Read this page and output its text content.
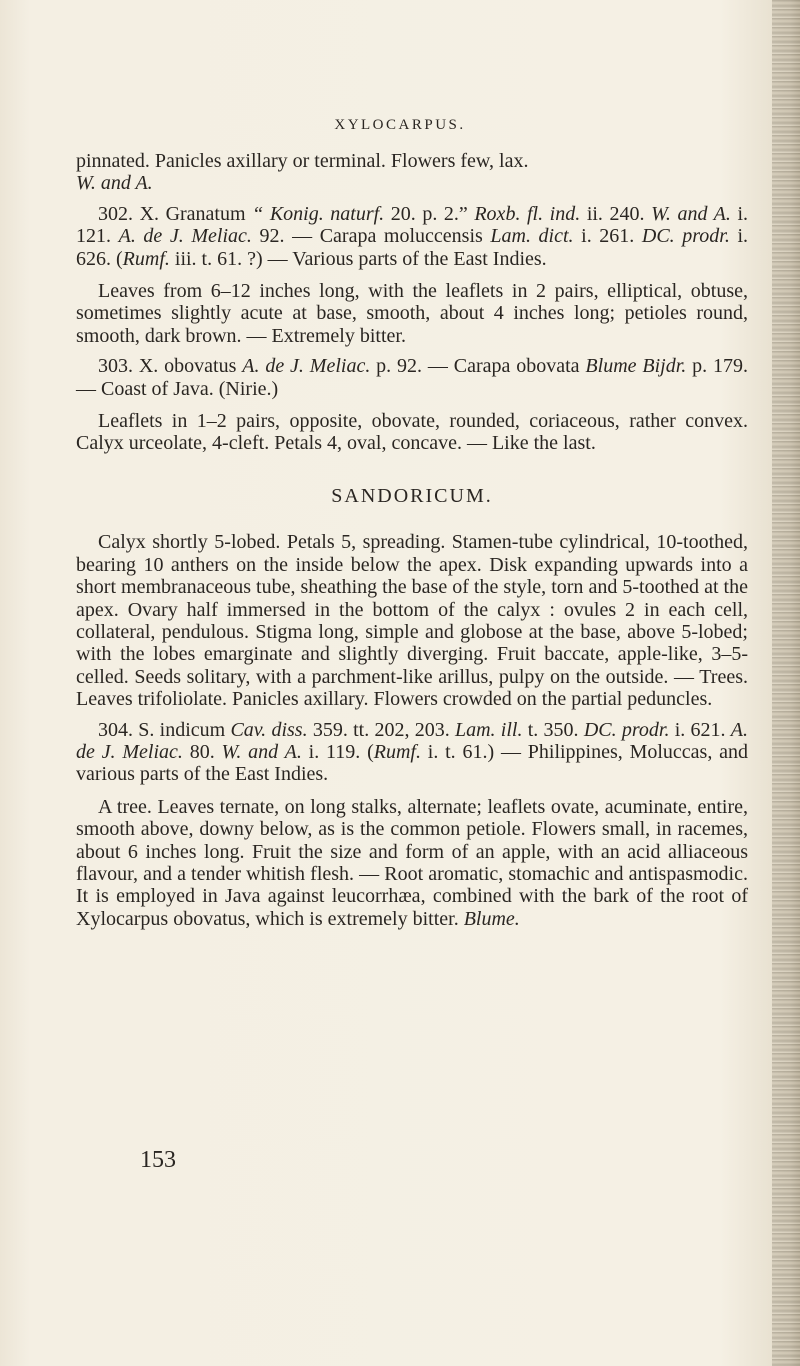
XYLOCARPUS.

pinnated. Panicles axillary or terminal. Flowers few, lax.
W. and A.

302. X. Granatum “ Konig. naturf. 20. p. 2.” Roxb. fl. ind. ii. 240. W. and A. i. 121. A. de J. Meliac. 92. — Carapa moluccensis Lam. dict. i. 261. DC. prodr. i. 626. (Rumf. iii. t. 61. ?) — Various parts of the East Indies.

Leaves from 6–12 inches long, with the leaflets in 2 pairs, elliptical, obtuse, sometimes slightly acute at base, smooth, about 4 inches long; petioles round, smooth, dark brown. — Extremely bitter.

303. X. obovatus A. de J. Meliac. p. 92. — Carapa obovata Blume Bijdr. p. 179.— Coast of Java. (Nirie.)

Leaflets in 1–2 pairs, opposite, obovate, rounded, coriaceous, rather convex. Calyx urceolate, 4-cleft. Petals 4, oval, concave. — Like the last.

SANDORICUM.

Calyx shortly 5-lobed. Petals 5, spreading. Stamen-tube cylindrical, 10-toothed, bearing 10 anthers on the inside below the apex. Disk expanding upwards into a short membranaceous tube, sheathing the base of the style, torn and 5-toothed at the apex. Ovary half immersed in the bottom of the calyx : ovules 2 in each cell, collateral, pendulous. Stigma long, simple and globose at the base, above 5-lobed; with the lobes emarginate and slightly diverging. Fruit baccate, apple-like, 3–5-celled. Seeds solitary, with a parchment-like arillus, pulpy on the outside. — Trees. Leaves trifoliolate. Panicles axillary. Flowers crowded on the partial peduncles.

304. S. indicum Cav. diss. 359. tt. 202, 203. Lam. ill. t. 350. DC. prodr. i. 621. A. de J. Meliac. 80. W. and A. i. 119. (Rumf. i. t. 61.) — Philippines, Moluccas, and various parts of the East Indies.

A tree. Leaves ternate, on long stalks, alternate; leaflets ovate, acuminate, entire, smooth above, downy below, as is the common petiole. Flowers small, in racemes, about 6 inches long. Fruit the size and form of an apple, with an acid alliaceous flavour, and a tender whitish flesh. — Root aromatic, stomachic and antispasmodic. It is employed in Java against leucorrhæa, combined with the bark of the root of Xylocarpus obovatus, which is extremely bitter. Blume.

153
